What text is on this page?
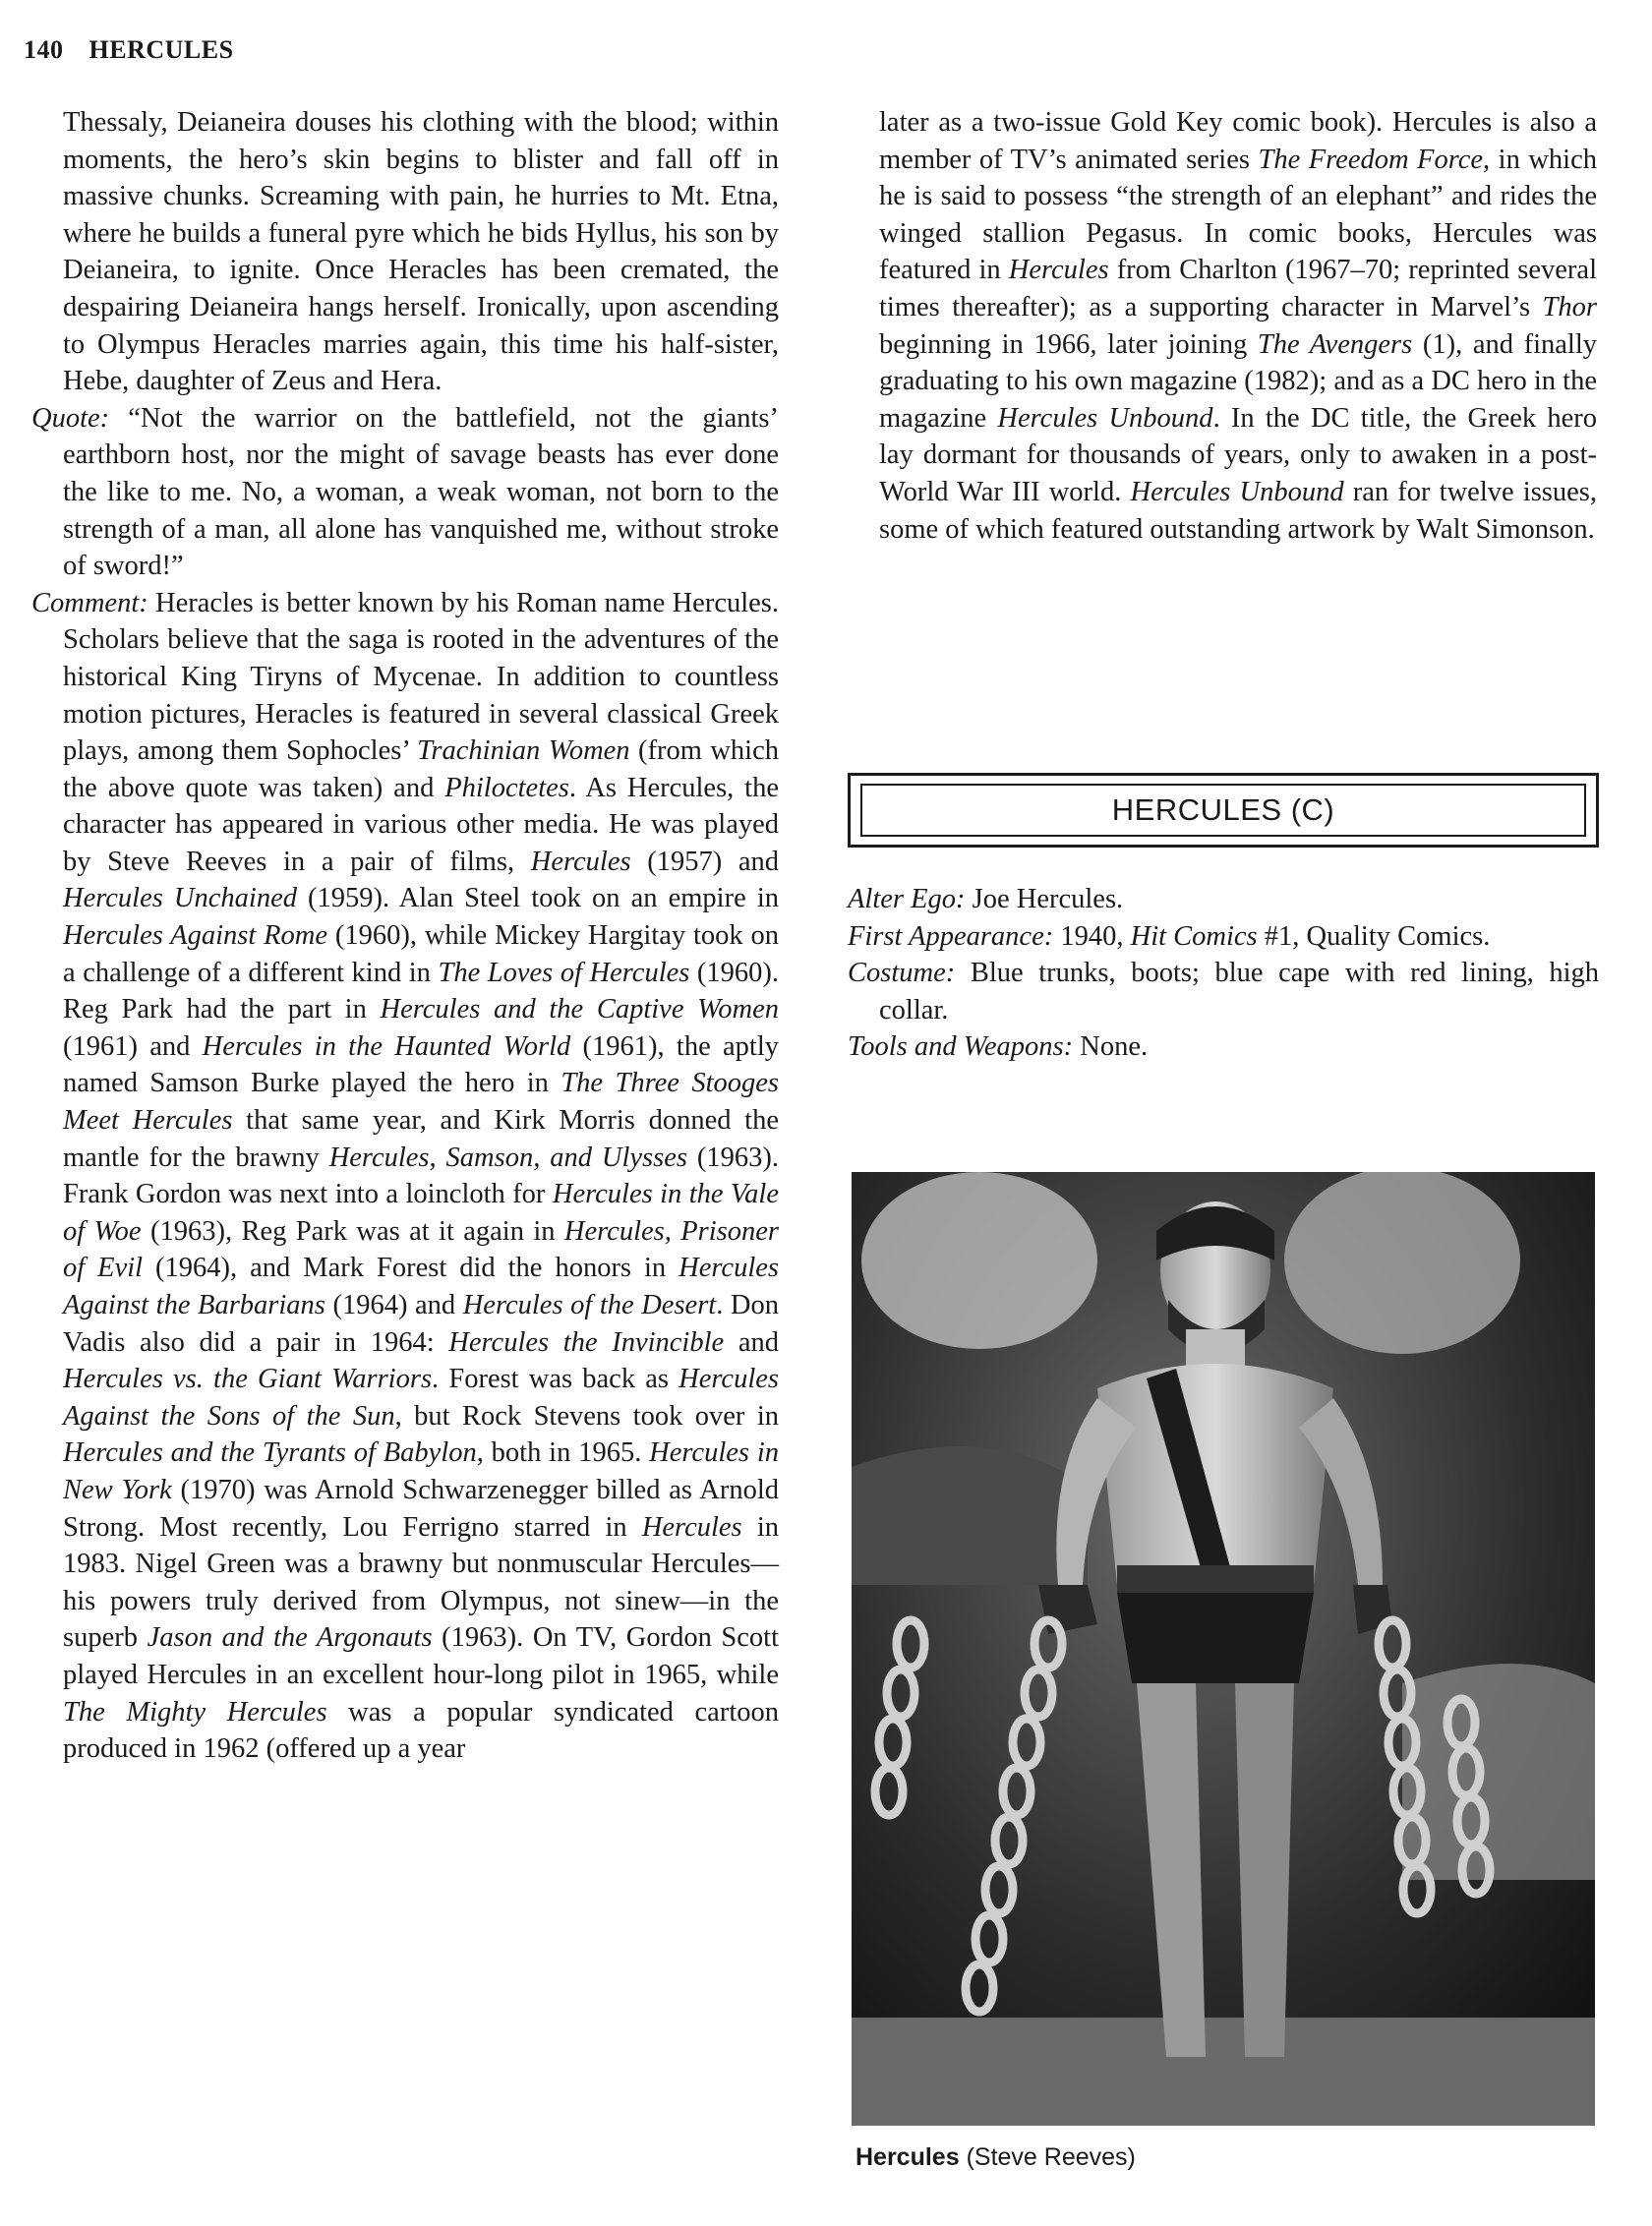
140 HERCULES

Thessaly, Deianeira douses his clothing with the blood; within moments, the hero’s skin begins to blister and fall off in massive chunks. Screaming with pain, he hurries to Mt. Etna, where he builds a funeral pyre which he bids Hyllus, his son by Deianeira, to ignite. Once Heracles has been cremated, the despairing Deianeira hangs herself. Ironically, upon ascending to Olympus Heracles marries again, this time his half-sister, Hebe, daughter of Zeus and Hera.

Quote: “Not the warrior on the battlefield, not the giants’ earthborn host, nor the might of savage beasts has ever done the like to me. No, a woman, a weak woman, not born to the strength of a man, all alone has vanquished me, without stroke of sword!”

Comment: Heracles is better known by his Roman name Hercules. Scholars believe that the saga is rooted in the adventures of the historical King Tiryns of Mycenae. In addition to countless motion pictures, Heracles is featured in several classical Greek plays, among them Sophocles’ Trachinian Women (from which the above quote was taken) and Philoctetes. As Hercules, the character has appeared in various other media. He was played by Steve Reeves in a pair of films, Hercules (1957) and Hercules Unchained (1959). Alan Steel took on an empire in Hercules Against Rome (1960), while Mickey Hargitay took on a challenge of a different kind in The Loves of Hercules (1960). Reg Park had the part in Hercules and the Captive Women (1961) and Hercules in the Haunted World (1961), the aptly named Samson Burke played the hero in The Three Stooges Meet Hercules that same year, and Kirk Morris donned the mantle for the brawny Hercules, Samson, and Ulysses (1963). Frank Gordon was next into a loincloth for Hercules in the Vale of Woe (1963), Reg Park was at it again in Hercules, Prisoner of Evil (1964), and Mark Forest did the honors in Hercules Against the Barbarians (1964) and Hercules of the Desert. Don Vadis also did a pair in 1964: Hercules the Invincible and Hercules vs. the Giant Warriors. Forest was back as Hercules Against the Sons of the Sun, but Rock Stevens took over in Hercules and the Tyrants of Babylon, both in 1965. Hercules in New York (1970) was Arnold Schwarzenegger billed as Arnold Strong. Most recently, Lou Ferrigno starred in Hercules in 1983. Nigel Green was a brawny but nonmuscular Hercules—his powers truly derived from Olympus, not sinew—in the superb Jason and the Argonauts (1963). On TV, Gordon Scott played Hercules in an excellent hour-long pilot in 1965, while The Mighty Hercules was a popular syndicated cartoon produced in 1962 (offered up a year

later as a two-issue Gold Key comic book). Hercules is also a member of TV’s animated series The Freedom Force, in which he is said to possess “the strength of an elephant” and rides the winged stallion Pegasus. In comic books, Hercules was featured in Hercules from Charlton (1967–70; reprinted several times thereafter); as a supporting character in Marvel’s Thor beginning in 1966, later joining The Avengers (1), and finally graduating to his own magazine (1982); and as a DC hero in the magazine Hercules Unbound. In the DC title, the Greek hero lay dormant for thousands of years, only to awaken in a post-World War III world. Hercules Unbound ran for twelve issues, some of which featured outstanding artwork by Walt Simonson.

HERCULES (C)

Alter Ego: Joe Hercules.

First Appearance: 1940, Hit Comics #1, Quality Comics.

Costume: Blue trunks, boots; blue cape with red lining, high collar.

Tools and Weapons: None.

Hercules (Steve Reeves)
